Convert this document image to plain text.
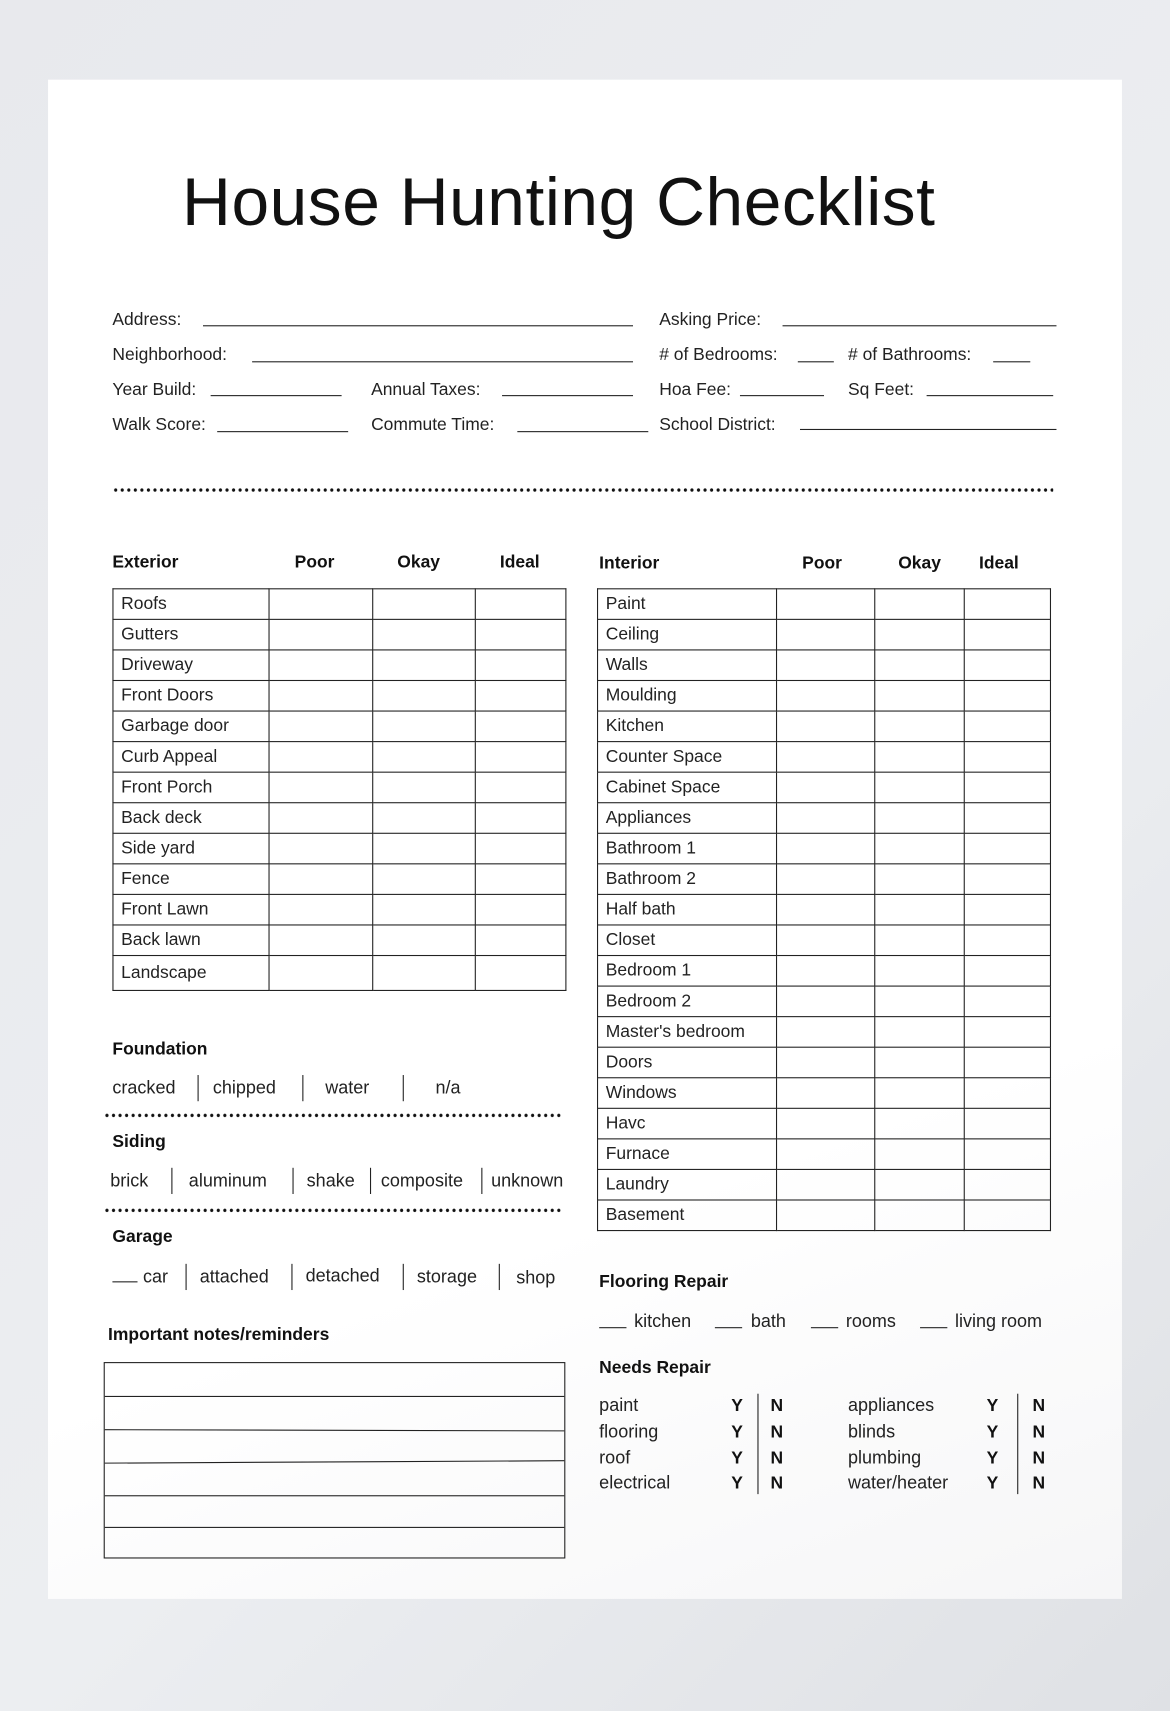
House Hunting Checklist
Address:	Asking Price:
Neighborhood:	# of Bedrooms:	# of Bathrooms:
Year Build:	Annual Taxes:	Hoa Fee:	Sq Feet:
Walk Score:	Commute Time:	School District:
Exterior	Poor	Okay	Ideal
Roofs			
Gutters			
Driveway			
Front Doors			
Garbage door			
Curb Appeal			
Front Porch			
Back deck			
Side yard			
Fence			
Front Lawn			
Back lawn			
Landscape			
Interior	Poor	Okay Ideal
Paint			
Ceiling			
Walls			
Moulding			
Kitchen			
Counter Space			
Cabinet Space			
Appliances			
Bathroom 1			
Bathroom 2			
Half bath			
Closet			
Bedroom 1			
Bedroom 2			
Master's bedroom			
Doors			
Windows			
Havc			
Furnace			
Laundry			
Basement			
Foundation
cracked chipped	water	n/a
Siding
brick aluminum shake composite unknown
Garage
car attached detached storage shop
Important notes/reminders
Flooring Repair
kitchen	bath	rooms	living room
Needs Repair
paint	Y N
flooring	Y N
roof	Y N
electrical	Y N
appliances	Y N
blinds	Y N
plumbing	Y N
water/heater Y N
